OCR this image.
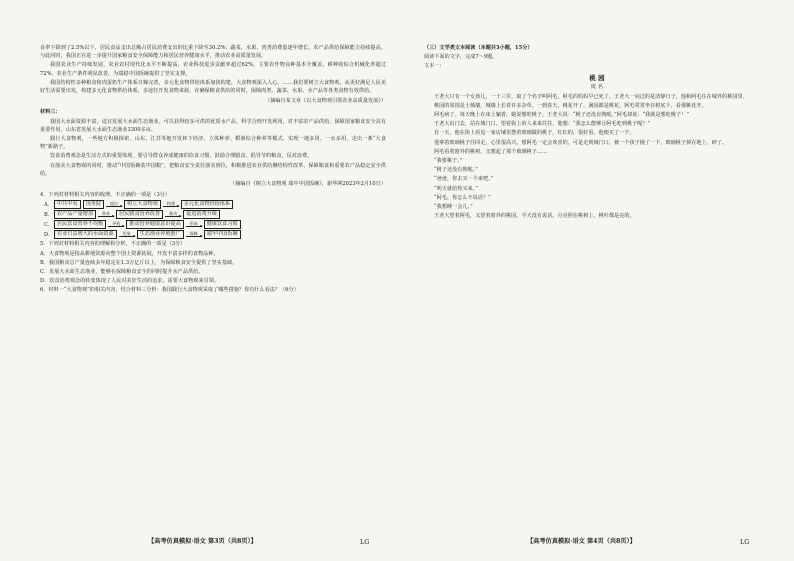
良率下降到了2.5%以下，居民食品支出总额占居民消费支出的比重下降至30.2%；蔬菜、水果、肉类消费量逐年增长，农产品供给保障能力持续提高。与此同时，我国正在进一步提升国家粮食安全保障能力和居民营养健康水平，推动农业高质量发展。

我国农业生产持续发展，农业农村现代化水平不断提高，农业科技进步贡献率超过62%，主要农作物良种基本全覆盖，耕种收综合机械化率超过72%，农业生产条件明显改善，为端稳中国饭碗提供了坚实支撑。

我国结构性多种粮食和肉蛋奶生产体系日臻完善，多元化食物供给体系加快构建，大食物观深入人心。……我们要树立大食物观，从更好满足人民美好生活需要出发，构建多元化食物供给体系，多途径开发食物来源，在确保粮食供给的同时，保障肉类、蔬菜、水果、水产品等各类食物有效供给。

（摘编自某文章《以大食物观引领农业高质量发展》）
材料三：

我国大水面资源丰富，适宜发展大水面生态渔业。可以获得较多可供的优质水产品，科学合理开发利用，对丰富农产品供给、保障国家粮食安全具有重要作用。山东省发展大水面生态渔业3300多亩。

践行大食物观，一些地方积极探索，山东、江苏等地开发林下经济、立体种养、稻渔综合种养等模式，实现一地多用、一水多用，走出一条“大食物”新路子。

饮食消费观念是生活方式的重要体现，要引导群众养成健康的饮食习惯，鼓励合理膳食，倡导节约粮食，反对浪费。

在落实大食物观的同时，推动“中国饭碗装中国粮”，把粮食安全责任落实到位，积极推进农业供给侧结构性改革，保障粮食和重要农产品稳定安全供给。

（摘编自《树立大食物观 端牢中国饭碗》，新华网2023年2月10日）
4．下列对材料相关内容的梳理，不正确的一项是（3分）
A． 中共中央	国务院	提出	树立大食物观	构建	多元化食物供给体系
B． 农产品产量增加	带来	居民膳食营养改善	推动	促进消费升级
C． 居民饮食营养不均衡	导致	推动营养健康意识提高	形成	健康饮食习惯
D． 农业日益增大的水面资源	发展	生态渔业养殖推广	保障	端牢中国饭碗
5．下列对材料相关内容的理解和分析，不正确的一项是（3分）
A．大食物观是指从耕地资源向整个国土资源拓展，开发丰富多样的食物品种。
B．我国粮食总产量连续多年稳定在1.3万亿斤以上，为保障粮食安全提供了坚实基础。
C．发展大水面生态渔业，能够在保障粮食安全的同时提升水产品供给。
D．饮食消费观念的转变体现了人民对美好生活的追求，需要大食物观来引领。
6．材料一“大食物观”的相关内容，结合材料三分析：我国践行大食物观采取了哪些措施？你有什么看法？（6分）
【高考仿真模拟·语文 第3页（共8页）】	LG
（三）文学类文本阅读（本题共3小题，15分）
阅读下面的文字，完成7～9题。
文本一：
桃 园
废 名

王老大只有一个女孩儿，一十三岁，取了个名字叫阿毛，阿毛的妈妈早已死了。王老大一向过的是清静日子，他和阿毛住在城外的桃园里。

桃园的周围是土城墙，城墙上长着许多杂草。一到春天，桃花开了，满园都是桃花，阿毛常常坐在树底下，看那桃花开。

阿毛病了。每天晚上在床上躺着，她说想吃桃子。王老大说：“桃子还没有熟呢。”阿毛却说：“我就是想吃桃子！”

王老大出门去，站在城门口，望着街上的人来来往往，他想：“我怎么能够让阿毛吃到桃子呢？”

有一天，他在街上看见一家店铺里摆着玻璃做的桃子，红红的，很好看，他便买了一个。

他拿着玻璃桃子往回走，心里很高兴，想阿毛一定会欢喜的。可是走到城门口，被一个孩子撞了一下，玻璃桃子掉在地上，碎了。

阿毛看着窗外的桃树，又想起了那个玻璃桃子……

“我要桃子。”

“桃子还没有熟呢。”

“爸爸，你去买一个来吧。”

“明天就给你买来。”

“阿毛，你怎么不说话？”

“我想睡一会儿。”

王老大望着阿毛，又望着窗外的桃园，半天没有说话。月亮照在桃树上，桃叶都是亮的。

【高考仿真模拟·语文 第4页（共8页）】	LG
